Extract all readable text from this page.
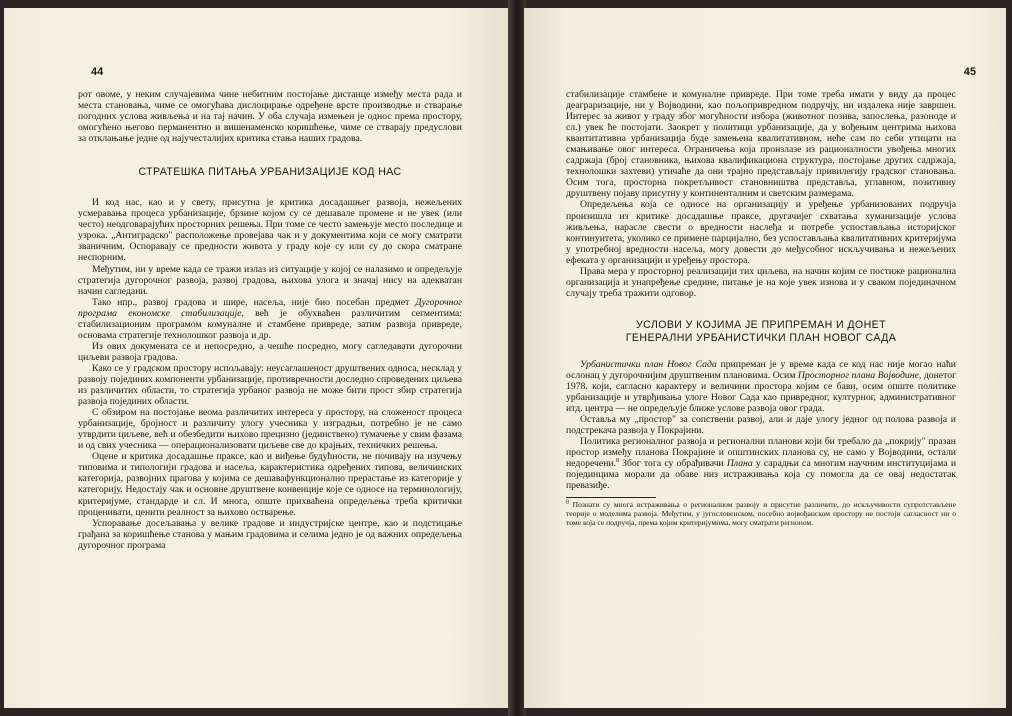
44

рот овоме, у неким случајевима чине небитним постојање дистанце између места рада и места становања, чиме се омогућава дислоцирање одређене врсте производње и стварање погодних услова живљења и на тај начин. У оба случаја измењен је однос према простору, омогућено његово перманентно и вишенаменско коришћење, чиме се стварају предуслови за отклањање једне од најучесталијих критика стања наших градова.

СТРАТЕШКА ПИТАЊА УРБАНИЗАЦИЈЕ КОД НАС

И код нас, као и у свету, присутна је критика досадашњег развоја, нежељених усмеравања процеса урбанизације, брзине којом су се дешавале промене и не увек (или често) неодговарајућих просторних решења. При томе се често замењује место последице и узрока. „Антиградско" расположење провејава чак и у документима који се могу сматрати званичним. Оспоравају се предности живота у граду које су или су до скора сматране неспорним.

Међутим, ни у време када се тражи излаз из ситуације у којој се налазимо и опредељује стратегија дугорочног развоја, развој градова, њихова улога и значај нису на адекватан начин сагледани.

Тако нпр., развој градова и шире, насеља, није био посебан предмет Дугорочног програма економске стабилизације, већ је обухваћен различитим сегментима: стабилизационим програмом комуналне и стамбене привреде, затим развоја привреде, основама стратегије технолошког развоја и др.

Из ових докумената се и непосредно, а чешће посредно, могу сагледавати дугорочни циљеви развоја градова.

Како се у градском простору испољавају: неусаглашеност друштвених односа, несклад у развоју појединих компоненти урбанизације, противречности доследно спроведених циљева из различитих области, то стратегија урбаног развоја не може бити прост збир стратегија развоја појединих области.

С обзиром на постојање веома различитих интереса у простору, на сложеност процеса урбанизације, бројност и различиту улогу учесника у изградњи, потребно је не само утврдити циљеве, већ и обезбедити њихово прецизно (јединствено) тумачење у свим фазама и од свих учесника — операционализовати циљеве све до крајњих, техничких решења.

Оцене и критика досадашње праксе, као и виђење будућности, не почивају на изучењу типовима и типологији градова и насеља, карактеристика одређених типова, величинских категорија, развојних прагова у којима се дешавафункционално прерастање из категорије у категорију. Недостају чак и основне друштвене конвенције које се односе на терминологију, критеријуме, стандарде и сл. И многа, опште прихваћена опредељења треба критички проценивати, ценити реалност за њихово остварење.

Успоравање досељавања у велике градове и индустријске центре, као и подстицање грађана за коришћење станова у мањим градовима и селима једно је од важних опредељења дугорочног програма

45

стабилизације стамбене и комуналне привреде. При томе треба имати у виду да процес деаграризације, ни у Војводини, као пољопривредном подручју, ни издалека није завршен. Интерес за живот у граду због могућности избора (животног позива, запослења, разоноде и сл.) увек ће постојати. Заокрет у политици урбанизације, да у вођењим центрима њихова квантитативна урбанизација буде замењена квалитативном, неће сам по себи утицати на смањивање овог интереса. Ограничења која произлазе из рационалности увођења многих садржаја (број становника, њихова квалификациона структура, постојање других садржаја, технолошки захтеви) утичаће да они трајно представљају привилегију градског становања. Осим тога, просторна покретљивост становништва представља, углавном, позитивну друштвену појаву присутну у континенталним и светским размерама.

Опредељења која се односе на организацију и уређење урбанизованих подручја произишла из критике досадашње праксе, другачијег схватања хуманизације услова живљења, нарасле свести о вредности наслеђа и потребе успостављања историјског континуитета, уколико се примене парцијално, без успостављања квалитативних критеријума у употребној вредности насеља, могу довести до међусобног искључивања и нежељених ефеката у организацији и уређењу простора.

Права мера у просторној реализацији тих циљева, на начин којим се постиже рационална организација и унапређење средине, питање је на које увек изнова и у сваком појединачном случају треба тражити одговор.

УСЛОВИ У КОЈИМА ЈЕ ПРИПРЕМАН И ДОНЕТ
ГЕНЕРАЛНИ УРБАНИСТИЧКИ ПЛАН НОВОГ САДА

Урбанистички план Новог Сада припреман је у време када се код нас није могао наћи ослонац у дугорочнијим друштвеним плановима. Осим Просторног плана Војводине, донетог 1978. који, сагласно карактеру и величини простора којим се бави, осим опште политике урбанизације и утврђивања улоге Новог Сада као привредног, културног, административног итд. центра — не опредељује ближе услове развоја овог града.

Остављa му „простор" за сопствени развој, али и даје улогу једног од полова развоја и подстрекача развоја у Покрајини.

Политика регионалног развоја и регионални планови који би требало да „покрију" празан простор између планова Покрајине и општинских планова су, не само у Војводини, остали недоречени.$^8$ Због тога су обрађивачи Плана у сарадњи са многим научним институцијама и појединцима морали да обаве низ истраживања која су помогла да се овај недостатак превазиђе.

$^8$ Познати су многа истраживања о регионалном развоју и присутне различите, до искључивости супротстављене теорије о моделима развоја. Међутим, у југословенском, посебно војвођанском простору не постоји сагласност ни о томе која се подручја, према којим критеријумима, могу сматрати регионом.
